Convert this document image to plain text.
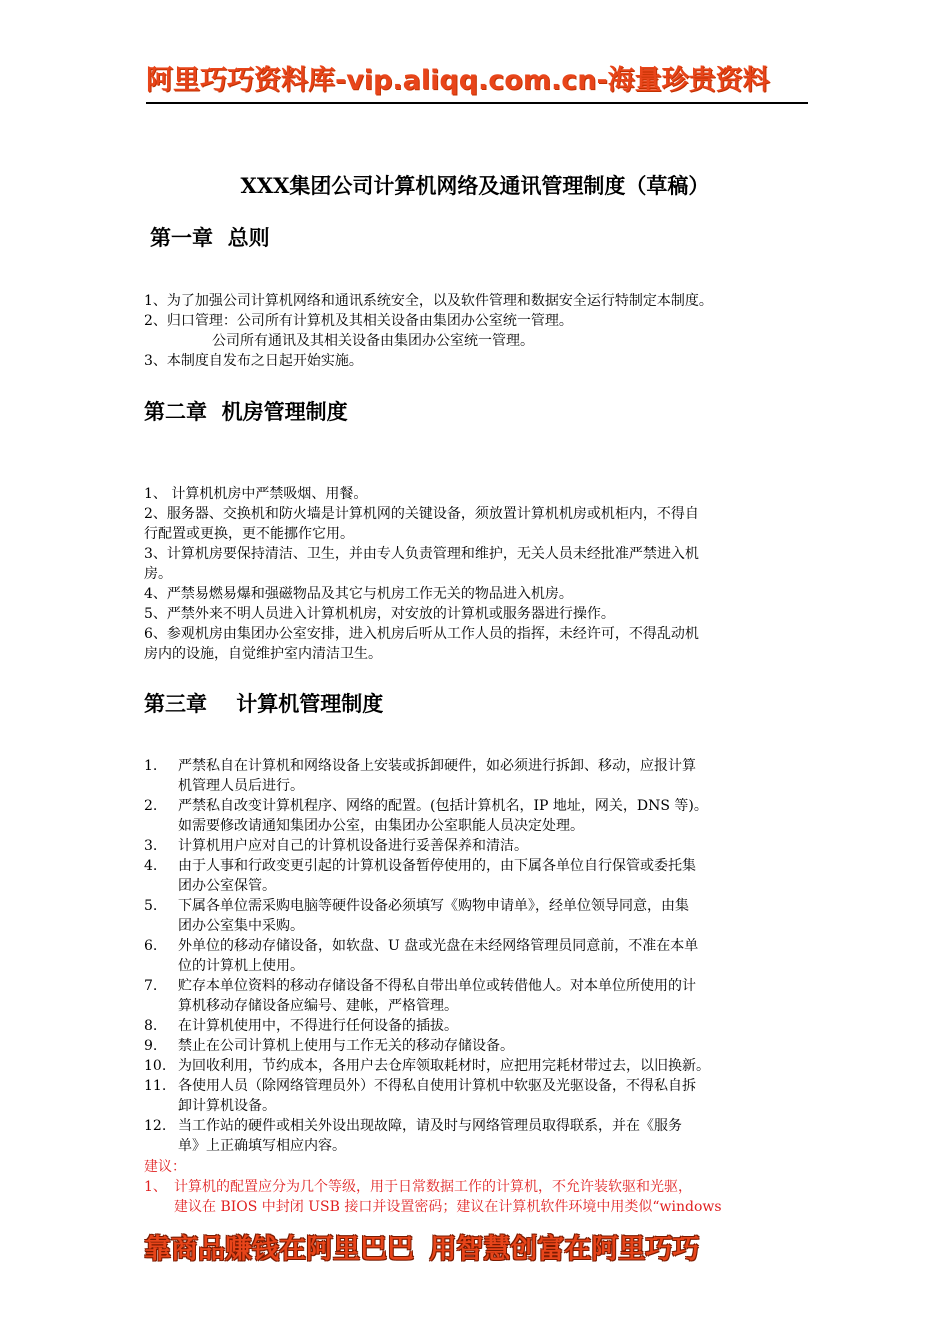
阿里巧巧资料库-vip.aliqq.com.cn-海量珍贵资料
XXX集团公司计算机网络及通讯管理制度（草稿）
第一章  总则
1、为了加强公司计算机网络和通讯系统安全，以及软件管理和数据安全运行特制定本制度。
2、归口管理：公司所有计算机及其相关设备由集团办公室统一管理。
公司所有通讯及其相关设备由集团办公室统一管理。
3、本制度自发布之日起开始实施。
第二章  机房管理制度
1、 计算机机房中严禁吸烟、用餐。
2、服务器、交换机和防火墙是计算机网的关键设备，须放置计算机机房或机柜内，不得自
行配置或更换，更不能挪作它用。
3、计算机房要保持清洁、卫生，并由专人负责管理和维护，无关人员未经批准严禁进入机
房。
4、严禁易燃易爆和强磁物品及其它与机房工作无关的物品进入机房。
5、严禁外来不明人员进入计算机机房，对安放的计算机或服务器进行操作。
6、参观机房由集团办公室安排，进入机房后听从工作人员的指挥，未经许可，不得乱动机
房内的设施，自觉维护室内清洁卫生。
第三章    计算机管理制度
1. 严禁私自在计算机和网络设备上安装或拆卸硬件，如必须进行拆卸、移动，应报计算
机管理人员后进行。
2. 严禁私自改变计算机程序、网络的配置。(包括计算机名，IP 地址，网关，DNS 等)。
如需要修改请通知集团办公室，由集团办公室职能人员决定处理。
3. 计算机用户应对自己的计算机设备进行妥善保养和清洁。
4. 由于人事和行政变更引起的计算机设备暂停使用的，由下属各单位自行保管或委托集
团办公室保管。
5. 下属各单位需采购电脑等硬件设备必须填写《购物申请单》，经单位领导同意，由集
团办公室集中采购。
6. 外单位的移动存储设备，如软盘、U 盘或光盘在未经网络管理员同意前，不准在本单
位的计算机上使用。
7. 贮存本单位资料的移动存储设备不得私自带出单位或转借他人。对本单位所使用的计
算机移动存储设备应编号、建帐，严格管理。
8. 在计算机使用中，不得进行任何设备的插拔。
9. 禁止在公司计算机上使用与工作无关的移动存储设备。
10. 为回收利用，节约成本，各用户去仓库领取耗材时，应把用完耗材带过去，以旧换新。
11. 各使用人员（除网络管理员外）不得私自使用计算机中软驱及光驱设备，不得私自拆
卸计算机设备。
12. 当工作站的硬件或相关外设出现故障，请及时与网络管理员取得联系，并在《服务
单》上正确填写相应内容。
建议：
1、 计算机的配置应分为几个等级，用于日常数据工作的计算机，不允许装软驱和光驱，
建议在 BIOS 中封闭 USB 接口并设置密码；建议在计算机软件环境中用类似“windows
靠商品赚钱在阿里巴巴 用智慧创富在阿里巧巧
